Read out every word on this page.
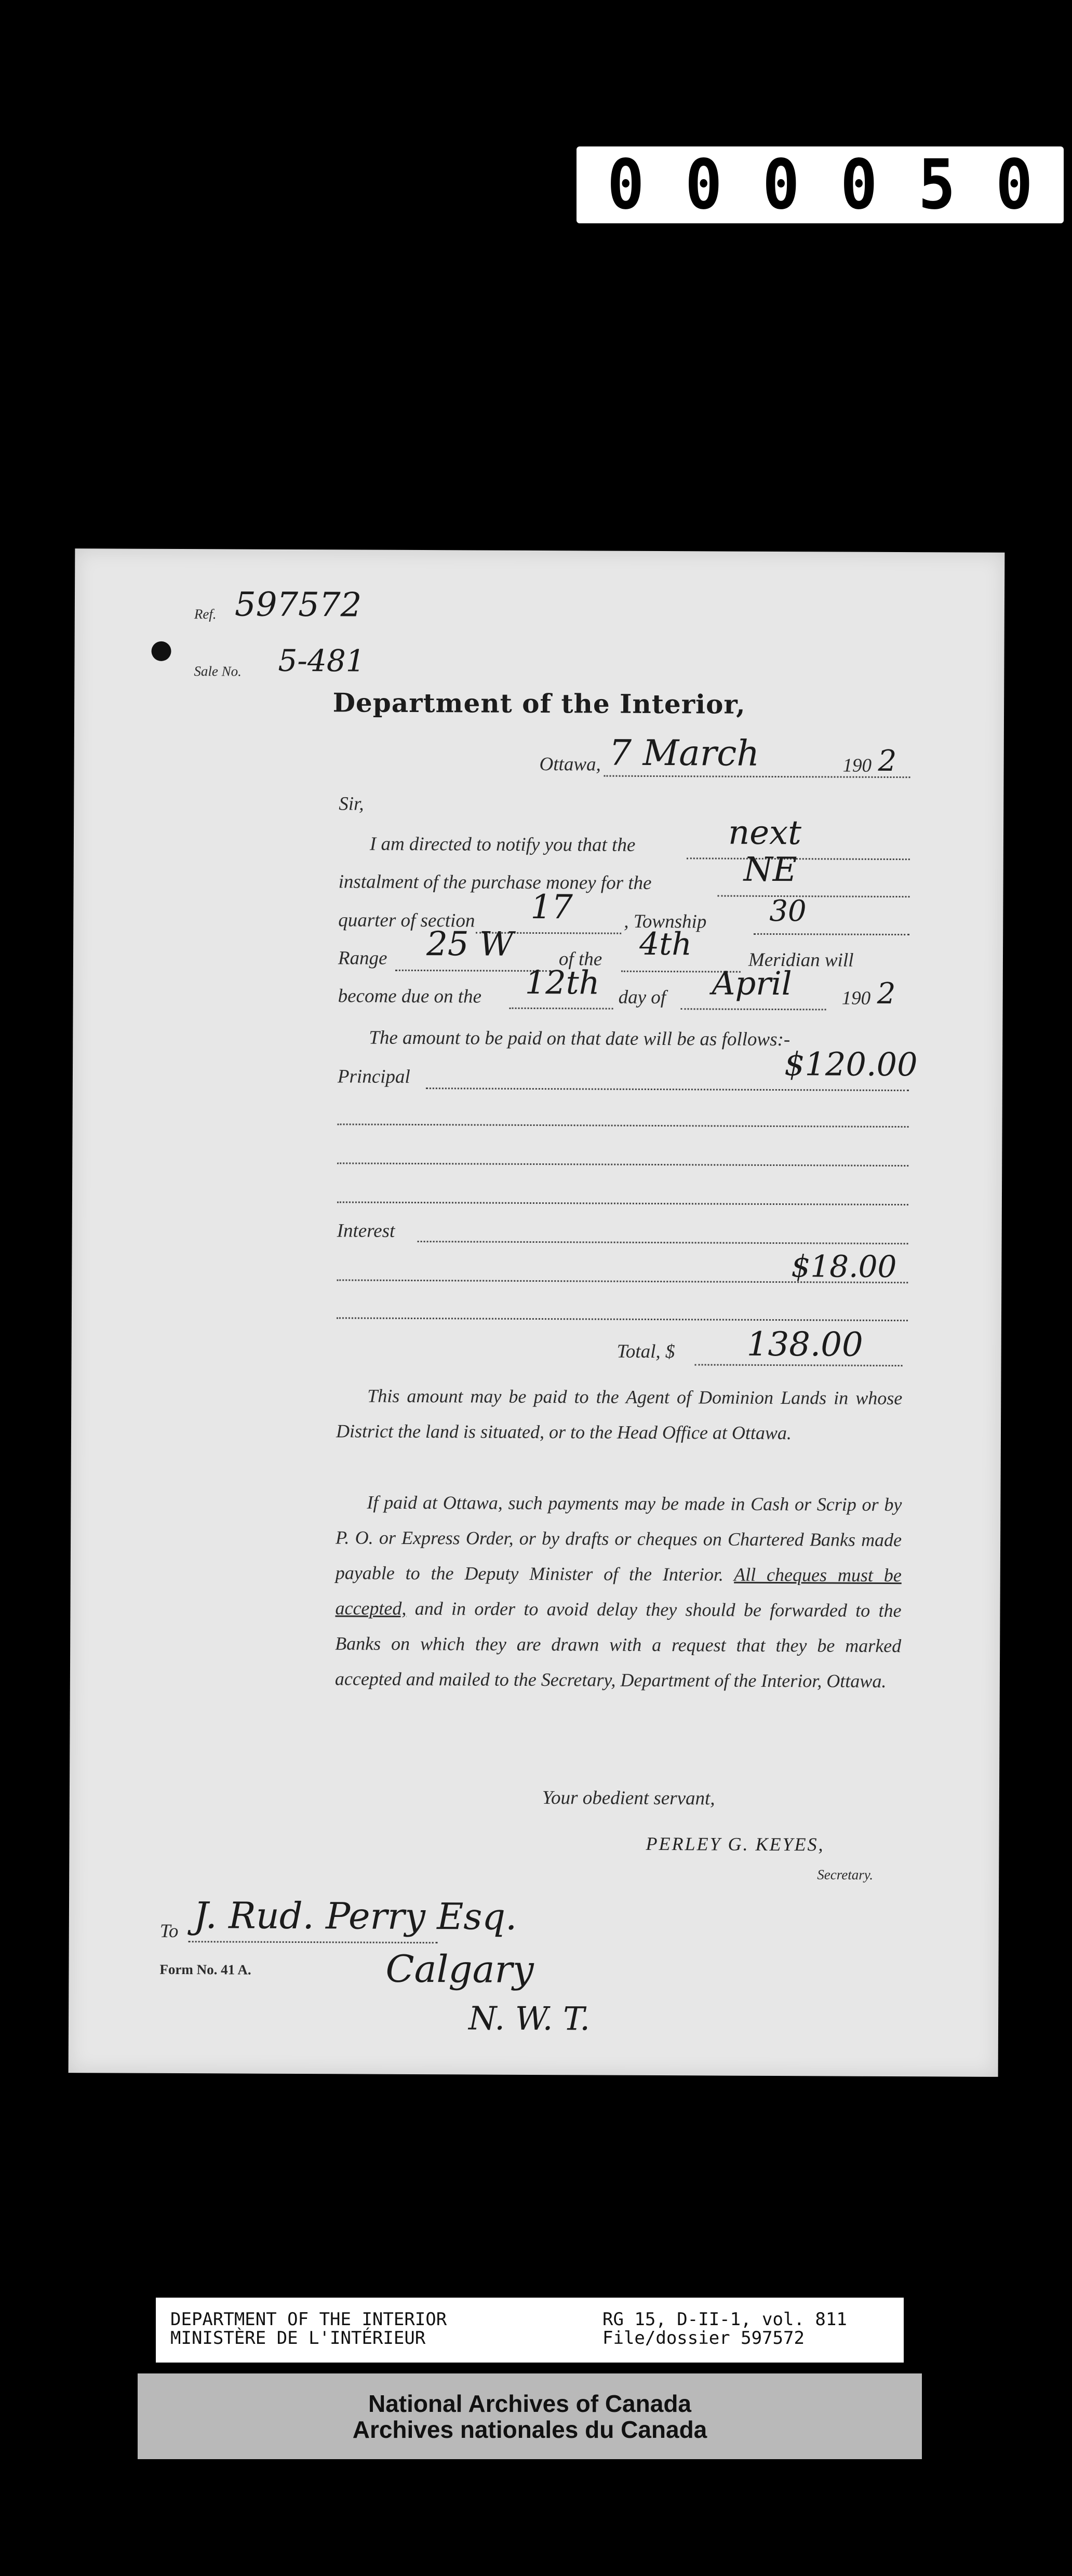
0 0 0 0 5 0
Ref. 597572
Sale No. 5-481
Department of the Interior,
Ottawa, 7 March	190 2
Sir,
I am directed to notify you that the	next
instalment of the purchase money for the	NE
quarter of section 17	, Township 30
Range 25 W of the 4th	Meridian will
become due on the 12th day of April	190 2
The amount to be paid on that date will be as follows:-
Principal	$120.00
Interest
$18.00
Total, $ 138.00
This amount may be paid to the Agent of Dominion Lands in whose District the land is situated, or to the Head Office at Ottawa.
If paid at Ottawa, such payments may be made in Cash or Scrip or by P. O. or Express Order, or by drafts or cheques on Chartered Banks made payable to the Deputy Minister of the Interior. All cheques must be accepted, and in order to avoid delay they should be forwarded to the Banks on which they are drawn with a request that they be marked accepted and mailed to the Secretary, Department of the Interior, Ottawa.
Your obedient servant,
PERLEY G. KEYES,
Secretary.
To J. Rud. Perry Esq.
Form No. 41 A.	Calgary
N. W. T.
DEPARTMENT OF THE INTERIOR
MINISTÈRE DE L'INTÉRIEUR
RG 15, D-II-1, vol. 811
File/dossier 597572
National Archives of Canada
Archives nationales du Canada
